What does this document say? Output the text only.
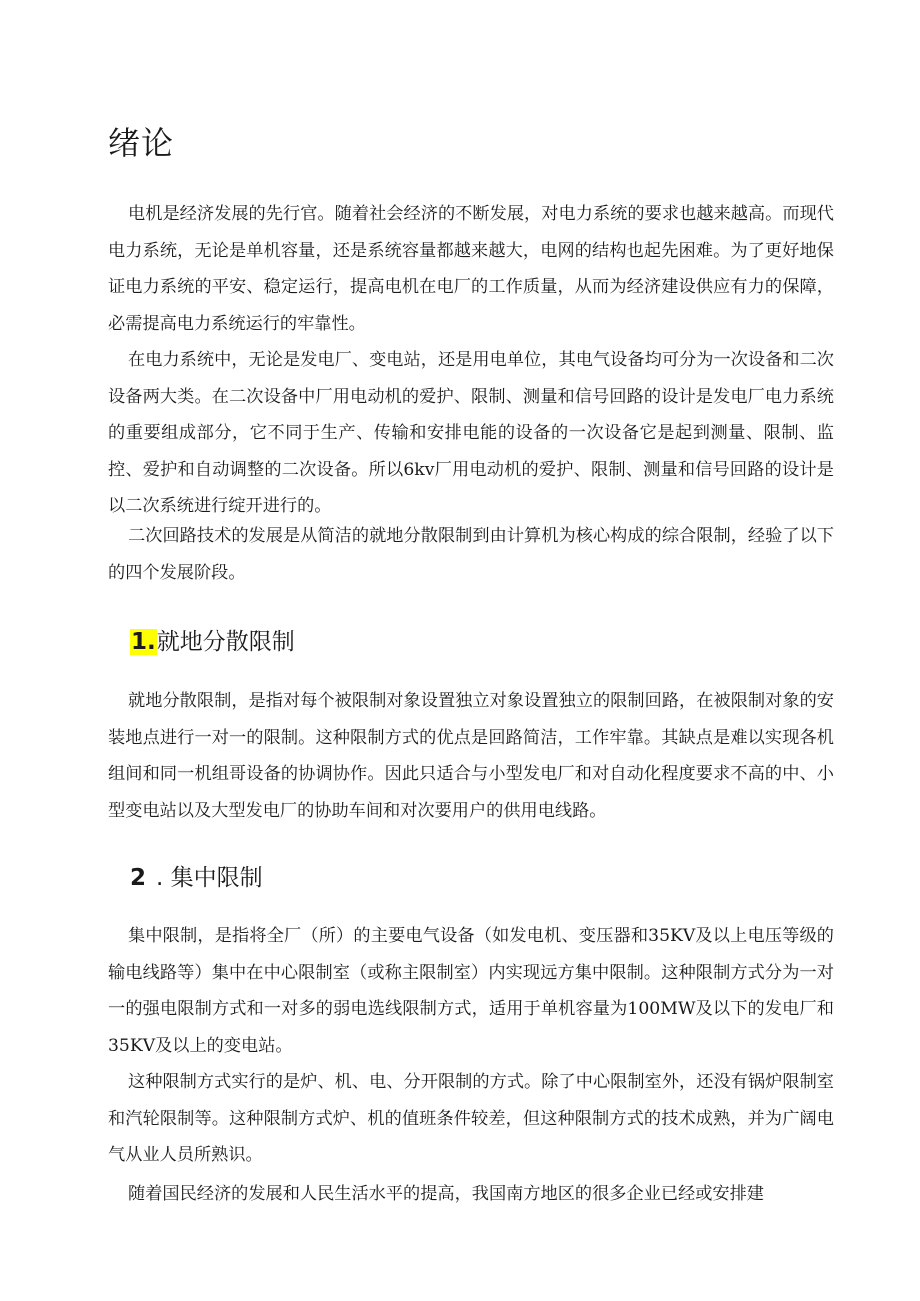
绪论

电机是经济发展的先行官。随着社会经济的不断发展，对电力系统的要求也越来越高。而现代电力系统，无论是单机容量，还是系统容量都越来越大，电网的结构也起先困难。为了更好地保证电力系统的平安、稳定运行，提高电机在电厂的工作质量，从而为经济建设供应有力的保障，必需提高电力系统运行的牢靠性。

在电力系统中，无论是发电厂、变电站，还是用电单位，其电气设备均可分为一次设备和二次设备两大类。在二次设备中厂用电动机的爱护、限制、测量和信号回路的设计是发电厂电力系统的重要组成部分，它不同于生产、传输和安排电能的设备的一次设备它是起到测量、限制、监控、爱护和自动调整的二次设备。所以6kv厂用电动机的爱护、限制、测量和信号回路的设计是以二次系统进行绽开进行的。

二次回路技术的发展是从简洁的就地分散限制到由计算机为核心构成的综合限制，经验了以下的四个发展阶段。

1.就地分散限制

就地分散限制，是指对每个被限制对象设置独立对象设置独立的限制回路，在被限制对象的安装地点进行一对一的限制。这种限制方式的优点是回路简洁，工作牢靠。其缺点是难以实现各机组间和同一机组哥设备的协调协作。因此只适合与小型发电厂和对自动化程度要求不高的中、小型变电站以及大型发电厂的协助车间和对次要用户的供用电线路。

2 . 集中限制

集中限制，是指将全厂（所）的主要电气设备（如发电机、变压器和35KV及以上电压等级的输电线路等）集中在中心限制室（或称主限制室）内实现远方集中限制。这种限制方式分为一对一的强电限制方式和一对多的弱电选线限制方式，适用于单机容量为100MW及以下的发电厂和35KV及以上的变电站。

这种限制方式实行的是炉、机、电、分开限制的方式。除了中心限制室外，还没有锅炉限制室和汽轮限制等。这种限制方式炉、机的值班条件较差，但这种限制方式的技术成熟，并为广阔电气从业人员所熟识。

随着国民经济的发展和人民生活水平的提高，我国南方地区的很多企业已经或安排建
